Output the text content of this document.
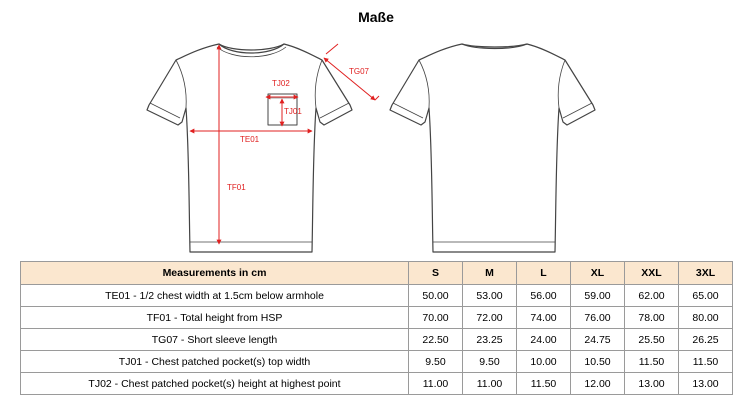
Maße
TG07
TJ02
TJ01
TE01
TF01
Measurements in cm	S	M	L	XL	XXL	3XL
TE01 - 1/2 chest width at 1.5cm below armhole	50.00	53.00	56.00	59.00	62.00	65.00
TF01 - Total height from HSP	70.00	72.00	74.00	76.00	78.00	80.00
TG07 - Short sleeve length	22.50	23.25	24.00	24.75	25.50	26.25
TJ01 - Chest patched pocket(s) top width	9.50	9.50	10.00	10.50	11.50	11.50
TJ02 - Chest patched pocket(s) height at highest point	11.00	11.00	11.50	12.00	13.00	13.00
